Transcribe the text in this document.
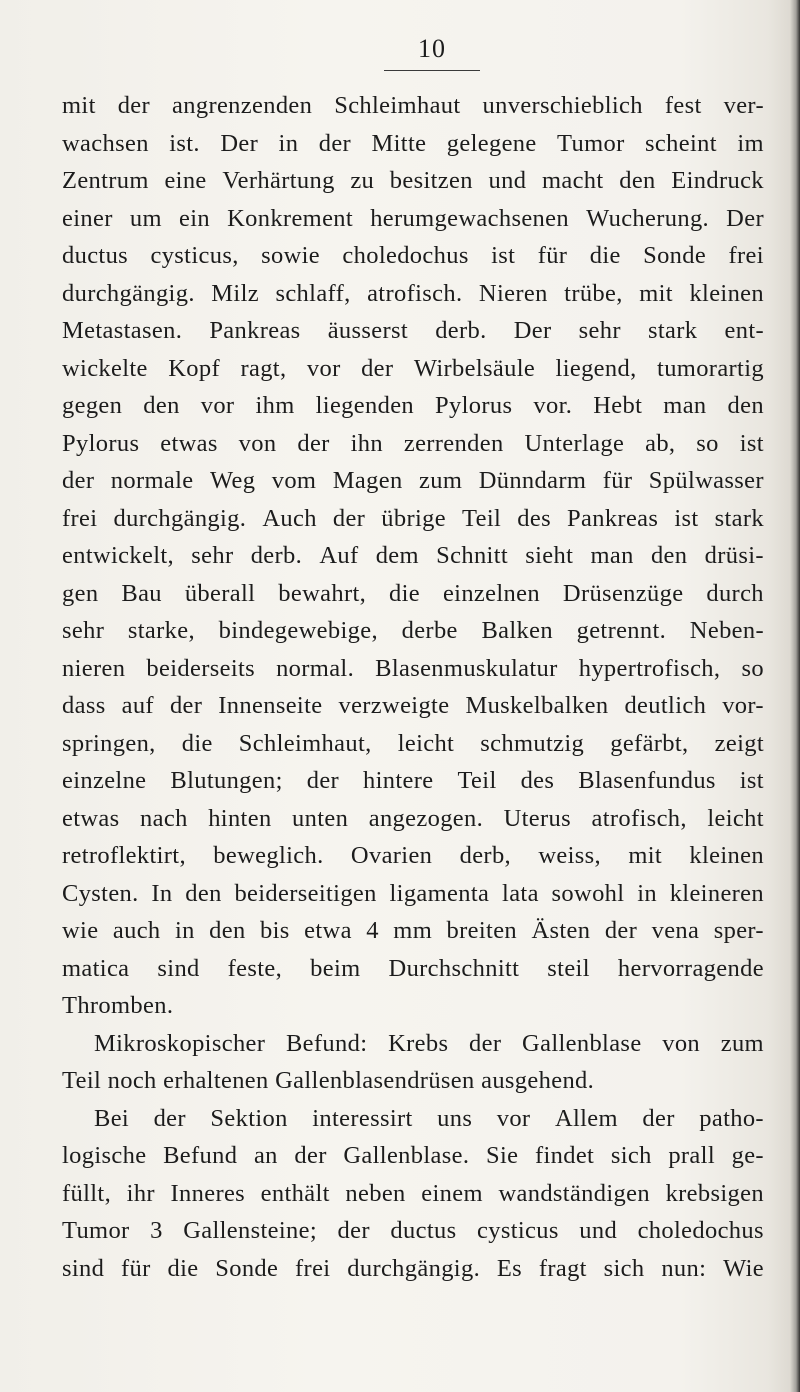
10
mit der angrenzenden Schleimhaut unverschieblich fest ver-
wachsen ist. Der in der Mitte gelegene Tumor scheint im
Zentrum eine Verhärtung zu besitzen und macht den Eindruck
einer um ein Konkrement herumgewachsenen Wucherung. Der
ductus cysticus, sowie choledochus ist für die Sonde frei
durchgängig. Milz schlaff, atrofisch. Nieren trübe, mit kleinen
Metastasen. Pankreas äusserst derb. Der sehr stark ent-
wickelte Kopf ragt, vor der Wirbelsäule liegend, tumorartig
gegen den vor ihm liegenden Pylorus vor. Hebt man den
Pylorus etwas von der ihn zerrenden Unterlage ab, so ist
der normale Weg vom Magen zum Dünndarm für Spülwasser
frei durchgängig. Auch der übrige Teil des Pankreas ist stark
entwickelt, sehr derb. Auf dem Schnitt sieht man den drüsi-
gen Bau überall bewahrt, die einzelnen Drüsenzüge durch
sehr starke, bindegewebige, derbe Balken getrennt. Neben-
nieren beiderseits normal. Blasenmuskulatur hypertrofisch, so
dass auf der Innenseite verzweigte Muskelbalken deutlich vor-
springen, die Schleimhaut, leicht schmutzig gefärbt, zeigt
einzelne Blutungen; der hintere Teil des Blasenfundus ist
etwas nach hinten unten angezogen. Uterus atrofisch, leicht
retroflektirt, beweglich. Ovarien derb, weiss, mit kleinen
Cysten. In den beiderseitigen ligamenta lata sowohl in kleineren
wie auch in den bis etwa 4 mm breiten Ästen der vena sper-
matica sind feste, beim Durchschnitt steil hervorragende
Thromben.
Mikroskopischer Befund: Krebs der Gallenblase von zum
Teil noch erhaltenen Gallenblasendrüsen ausgehend.
Bei der Sektion interessirt uns vor Allem der patho-
logische Befund an der Gallenblase. Sie findet sich prall ge-
füllt, ihr Inneres enthält neben einem wandständigen krebsigen
Tumor 3 Gallensteine; der ductus cysticus und choledochus
sind für die Sonde frei durchgängig. Es fragt sich nun: Wie
